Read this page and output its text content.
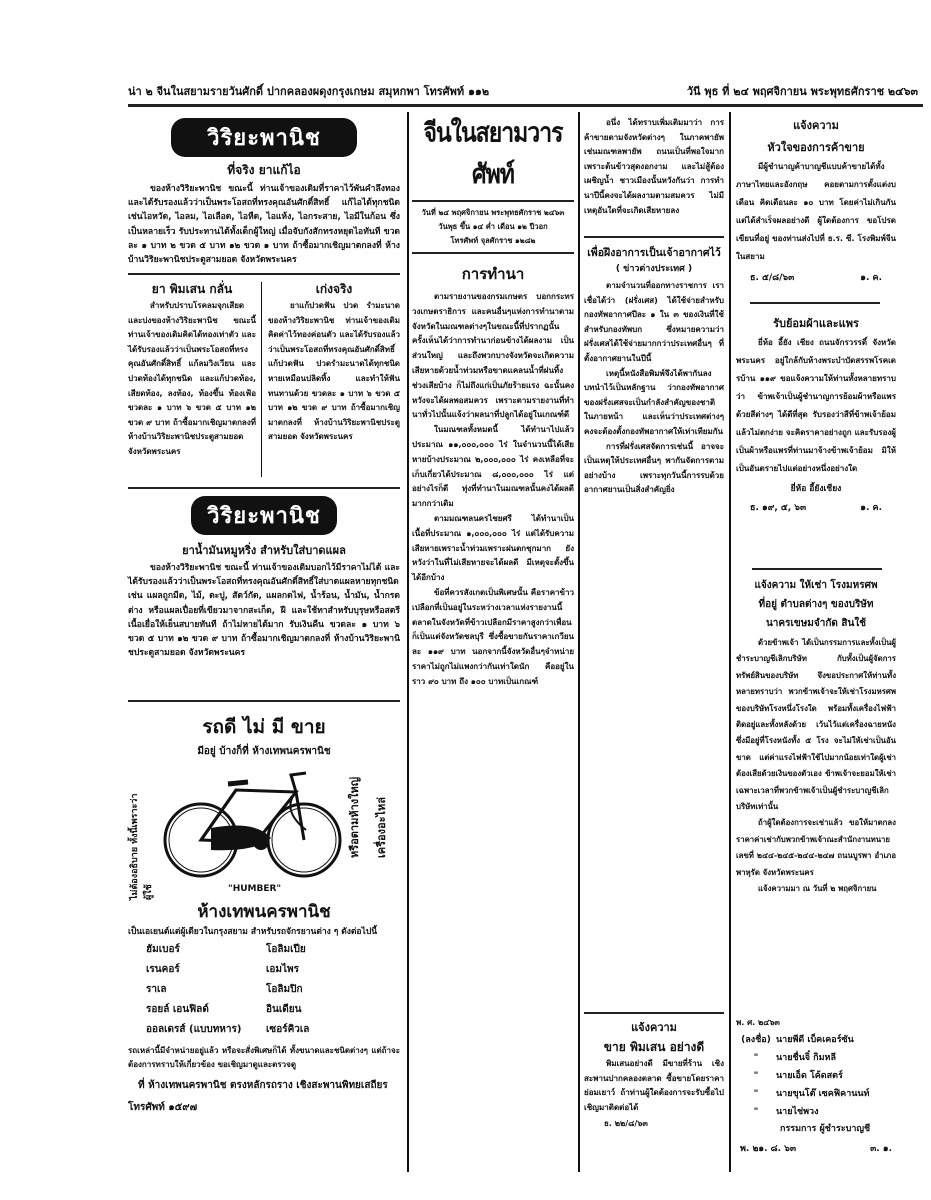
น่า ๒ จีนในสยามรายวันศักดิ์ ปากคลองผดุงกรุงเกษม สมุหกพา โทรศัพท์ ๑๑๒	วันี พุธ ที่ ๒๔ พฤศจิกายน พระพุทธศักราช ๒๔๖๓
วิริยะพานิช
ที่จริง ยาแก้ไอ

ของห้างวิริยะพานิช ขณะนี้ ท่านเจ้าของเดิมที่ราคาไว้พันคำลึงทอง และได้รับรองแล้วว่าเป็นพระโอสถที่ทรงคุณอันศักดิ์สิทธิ์ แก้ไอได้ทุกชนิด เช่นไอหวัด, ไอลม, ไอเลือด, ไอหืด, ไอแห้ง, ไอกระสาย, ไอมีในก้อน ซึ่งเป็นหลายเร็ว รับประทานได้ทั้งเด็กผู้ใหญ่ เมื่อจับกังสักทรงหยุดไอทันที ขวดละ ๑ บาท ๒ ขวด ๕ บาท ๑๒ ขวด ๑ บาท ถ้าซื้อมากเชิญมาตกลงที่ ห้างบ้านวิริยะพานิชประตูสามยอด จังหวัดพระนคร

ยา พิมเสน กลั่น

สำหรับปราบโรคลมจุกเสียด และบ่งของห้างวิริยะพานิช ขณะนี้ ท่านเจ้าของเดิมคิดได้ทองเท่าตัว และได้รับรองแล้วว่าเป็นพระโอสถที่ทรงคุณอันศักดิ์สิทธิ์ แก้ลมวิงเวียน และปวดท้องได้ทุกชนิด และแก้ปวดท้อง, เสียดท้อง, ลงท้อง, ท้องขึ้น ท้องเฟ้อ ขวดละ ๑ บาท ๖ ขวด ๕ บาท ๑๒ ขวด ๙ บาท ถ้าซื้อมากเชิญมาตกลงที่ ห้างบ้านวิริยะพานิชประตูสามยอด จังหวัดพระนคร

เก่งจริง

ยาแก้ปวดฟัน ปวด รำมะนาด ของห้างวิริยะพานิช ท่านเจ้าของเดิมคิดค่าไว้ทองค่อนตัว และได้รับรองแล้วว่าเป็นพระโอสถที่ทรงคุณอันศักดิ์สิทธิ์ แก้ปวดฟัน ปวดรำมะนาดได้ทุกชนิดหายเหมือนปลิดทิ้ง และทำให้ฟันทนทานด้วย ขวดละ ๑ บาท ๖ ขวด ๕ บาท ๑๒ ขวด ๙ บาท ถ้าซื้อมากเชิญมาตกลงที่ ห้างบ้านวิริยะพานิชประตูสามยอด จังหวัดพระนคร

วิริยะพานิช
ยาน้ำมันหมูหริ่ง สำหรับใส่บาดแผล

ของห้างวิริยะพานิช ขณะนี้ ท่านเจ้าของเดิมบอกไว้มีราคาไม่ได้ และได้รับรองแล้วว่าเป็นพระโอสถที่ทรงคุณอันศักดิ์สิทธิ์ใส่บาดแผลหายทุกชนิด เช่น แผลถูกมีด, ไม้, ตะปู, สัตว์กัด, แผลกดไฟ, น้ำร้อน, น้ำมัน, น้ำกรดต่าง หรือแผลเปื่อยที่เขียวมาจากสะเก็ด, ฝี และใช้ทาสำหรับบุรุษหรือสตรีเนื้อเยื่อให้เย็นสบายทันที ถ้าไม่หายได้มาก รับเงินคืน ขวดละ ๑ บาท ๖ ขวด ๕ บาท ๑๒ ขวด ๙ บาท ถ้าซื้อมากเชิญมาตกลงที่ ห้างบ้านวิริยะพานิชประตูสามยอด จังหวัดพระนคร

รถดี ไม่ มี ขาย
มีอยู่ บ้างก็ที่ ห้างเทพนครพานิช
ไม่ต้องอธิบาย ทั้งนี้เพราะว่า ผู้ใช้
หรือตามห้างใหญ่ เครื่องอะไหล่
"HUMBER"
ห้างเทพนครพานิช
เป็นเอเยนต์แต่ผู้เดียวในกรุงสยาม สำหรับรถจักรยานต่าง ๆ ดังต่อไปนี้
ฮัมเบอร์	โอลิมเปีย
เรนคอร์	เอมไพร
ราเล	โอลิมปิก
รอยล์ เอนฟิลด์	อินเดียน
ออลเดรส์ (แบบทหาร)	เซอร์คิวเล
รถเหล่านี้มีจำหน่ายอยู่แล้ว หรือจะสั่งพิเศษก็ได้ ทั้งขนาดและชนิดต่างๆ แต่ถ้าจะต้องการทราบให้เกี่ยวข้อง ขอเชิญมาดูและตรวจดู
ที่ ห้างเทพนครพานิช ตรงหลักรถราง เชิงสะพานพิทยเสถียร
โทรศัพท์ ๑๕๙๗
จีนในสยามวารศัพท์
วันที่ ๒๔ พฤศจิกายน พระพุทธศักราช ๒๔๖๓
วันพุธ ขึ้น ๑๔ ค่ำ เดือน ๑๒ ปีวอก
โทรศัพท์ จุลศักราช ๑๒๘๒
การทำนา

ตามรายงานของกรมเกษตร บอกกระทรวงเกษตราธิการ และคนอื่นๆแห่งการทำนาตามจังหวัดในมณฑลต่างๆในขณะนี้ที่ปรากฏนั้น ครั้งเห็นได้ว่าการทำนาก่อนข้างได้ผลงาม เป็นส่วนใหญ่ และถึงพวกบางจังหวัดจะเกิดความเสียหายด้วยน้ำท่วมหรือขาดแคลนน้ำที่ฝนทิ้งช่วงเสียบ้าง ก็ไม่ถึงแก่เป็นภัยร้ายแรง ฉะนั้นคงหวังจะได้ผลพอสมควร เพราะตามรายงานที่ทำนาทั่วไปนั้นแจ้งว่าผลนาที่ปลูกได้อยู่ในเกณฑ์ดี

ในมณฑลทั้งหมดนี้ ได้ทำนาไปแล้วประมาณ ๑๑,๐๐๐,๐๐๐ ไร่ ในจำนวนนี้ได้เสียหายบ้างประมาณ ๒,๐๐๐,๐๐๐ ไร่ คงเหลือที่จะเก็บเกี่ยวได้ประมาณ ๘,๐๐๐,๐๐๐ ไร่ แต่อย่างไรก็ดี ทุ่งที่ทำนาในมณฑลนั้นคงได้ผลดีมากกว่าเดิม

ตามมณฑลนครไชยศรี ได้ทำนาเป็นเนื้อที่ประมาณ ๑,๐๐๐,๐๐๐ ไร่ แต่ได้รับความเสียหายเพราะน้ำท่วมเพราะฝนตกชุกมาก ยังหวังว่าในที่ไม่เสียหายจะได้ผลดี มีเหตุจะตั้งขึ้นได้อีกบ้าง

ข้อที่ควรสังเกตเป็นพิเศษนั้น คือราคาข้าวเปลือกที่เป็นอยู่ในระหว่างเวลาแห่งรายงานนี้ ตลาดในจังหวัดที่ข้าวเปลือกมีราคาสูงกว่าเพื่อนก็เป็นแต่จังหวัดชลบุรี ซึ่งซื้อขายกันราคาเกวียนละ ๑๑๙ บาท นอกจากนี้จังหวัดอื่นๆจำหน่ายราคาไม่ถูกไม่แพงกว่ากันเท่าใดนัก คืออยู่ในราว ๙๐ บาท ถึง ๑๐๐ บาทเป็นเกณฑ์

อนึ่ง ได้ทราบเพิ่มเติมมาว่า การค้าขายตามจังหวัดต่างๆ ในภาคพายัพ เช่นมณฑลพายัพ ถนนเป็นที่พอใจมากเพราะต้นข้าวสุดงอกงาม และไม่สู้ต้องเผชิญน้ำ ชาวเมืองนั้นหวังกันว่า การทำนาปีนี้คงจะได้ผลงามตามสมควร ไม่มีเหตุอันใดที่จะเกิดเสียหายลง

เพื่อฝึงอาการเป็นเจ้าอากาศไว้
( ข่าวต่างประเทศ )

ตามจำนวนที่ออกทางราชการ เราเชื่อได้ว่า (ฝรั่งเศส) ได้ใช้จ่ายสำหรับกองทัพอากาศปีละ ๑ ใน ๓ ของเงินที่ใช้สำหรับกองทัพบก ซึ่งหมายความว่าฝรั่งเศสได้ใช้จ่ายมากกว่าประเทศอื่นๆ ที่ตั้งอากาศยานในปีนี้

เหตุนี้หนังสือพิมพ์จึงได้พากันลงบทนำไว้เป็นหลักฐาน ว่ากองทัพอากาศของฝรั่งเศสจะเป็นกำลังสำคัญของชาติในภายหน้า และเห็นว่าประเทศต่างๆ คงจะต้องตั้งกองทัพอากาศให้เท่าเทียมกัน

การที่ฝรั่งเศสจัดการเช่นนี้ อาจจะเป็นเหตุให้ประเทศอื่นๆ พากันจัดการตามอย่างบ้าง เพราะทุกวันนี้การรบด้วยอากาศยานเป็นสิ่งสำคัญยิ่ง

แจ้งความ
ขาย พิมเสน อย่างดี

พิมเสนอย่างดี มีขายที่ร้าน เชิงสะพานปากคลองตลาด ซื้อขายโดยราคาย่อมเยาว์ ถ้าท่านผู้ใดต้องการจะรับซื้อไปเชิญมาติดต่อได้

ธ. ๒๒/๘/๖๓
แจ้งความ
หัวใจของการค้าขาย

มีผู้ชำนาญค้าบาญชีแบบค้าขายได้ทั้งภาษาไทยและอังกฤษ คอยตามการตั้งแต่งบเดือน คิดเดือนละ ๑๐ บาท โดยค่าไม่เกินกัน แต่ได้สำเร็จผลอย่างดี ผู้ใดต้องการ ขอโปรดเขียนที่อยู่ ของท่านส่งไปที่ ธ.ร. ซี. โรงพิมพ์จีนในสยาม

ธ. ๕/๘/๖๓	๑. ค.
รับย้อมผ้าและแพร

ยี่ห้อ อี้ยัง เชียง ถนนจักรวรรดิ์ จังหวัดพระนคร อยู่ใกล้กับห้างพระบำบัดสรรพโรคเดรบ้าน ๑๑๙ ขอแจ้งความให้ท่านทั้งหลายทราบว่า ข้าพเจ้าเป็นผู้ชำนาญการย้อมผ้าหรือแพรด้วยสีต่างๆ ได้ดีที่สุด รับรองว่าสีที่ข้าพเจ้าย้อมแล้วไม่ตกง่าย จะคิดราคาอย่างถูก และรับรองผู้เป็นผ้าหรือแพรที่ท่านมาจ้างข้าพเจ้าย้อม มิให้เป็นอันตรายไปแต่อย่างหนึ่งอย่างใด

ยี่ห้อ อี้ยังเชียง
ธ. ๑๙, ๕, ๖๓	๑. ค.
แจ้งความ ให้เช่า โรงมหรศพ
ที่อยู่ ตำบลต่างๆ ของบริษัท
นาครเขษมจำกัด สินใช้

ด้วยข้าพเจ้า ได้เป็นกรรมการและทั้งเป็นผู้ชำระบาญชีเลิกบริษัท กับทั้งเป็นผู้จัดการทรัพย์สินของบริษัท จึงขอประกาศให้ท่านทั้งหลายทราบว่า พวกข้าพเจ้าจะให้เช่าโรงมหรศพ ของบริษัทโรงหนึ่งโรงใด พร้อมทั้งเครื่องไฟฟ้าติดอยู่และทั้งหลังด้วย เว้นไว้แต่เครื่องฉายหนังซึ่งมีอยู่ที่โรงหนังทั้ง ๕ โรง จะไม่ให้เช่าเป็นอันขาด แต่ค่าแรงไฟฟ้าใช้ไปมากน้อยเท่าใดผู้เช่าต้องเสียด้วยเงินของตัวเอง ข้าพเจ้าจะยอมให้เช่าเฉพาะเวลาที่พวกข้าพเจ้าเป็นผู้ชำระบาญชีเลิกบริษัทเท่านั้น

ถ้าผู้ใดต้องการจะเช่าแล้ว ขอให้มาตกลงราคาค่าเช่ากับพวกข้าพเจ้าณะสำนักงานทนายเลขที่ ๒๔๔-๒๔๕-๒๔๔-๒๔๗ ถนนบูรพา อำเภอพาหุรัด จังหวัดพระนคร

แจ้งความมา ณ วันที่ ๒ พฤศจิกายน

พ. ศ. ๒๔๖๓
(ลงชื่อ) นายพีดี เบ็คเคอร์ซัน
"	นายชื่นจิ๋ กิมหลี
"	นายเอ็ด โค้ดสตร์
"	นายขุนโต๊ เซคฟิคานนท์
"	นายไช่พวง
กรรมการ ผู้ชำระบาญชี
พ. ๒๑. ๘. ๖๓	๓. ๑.
